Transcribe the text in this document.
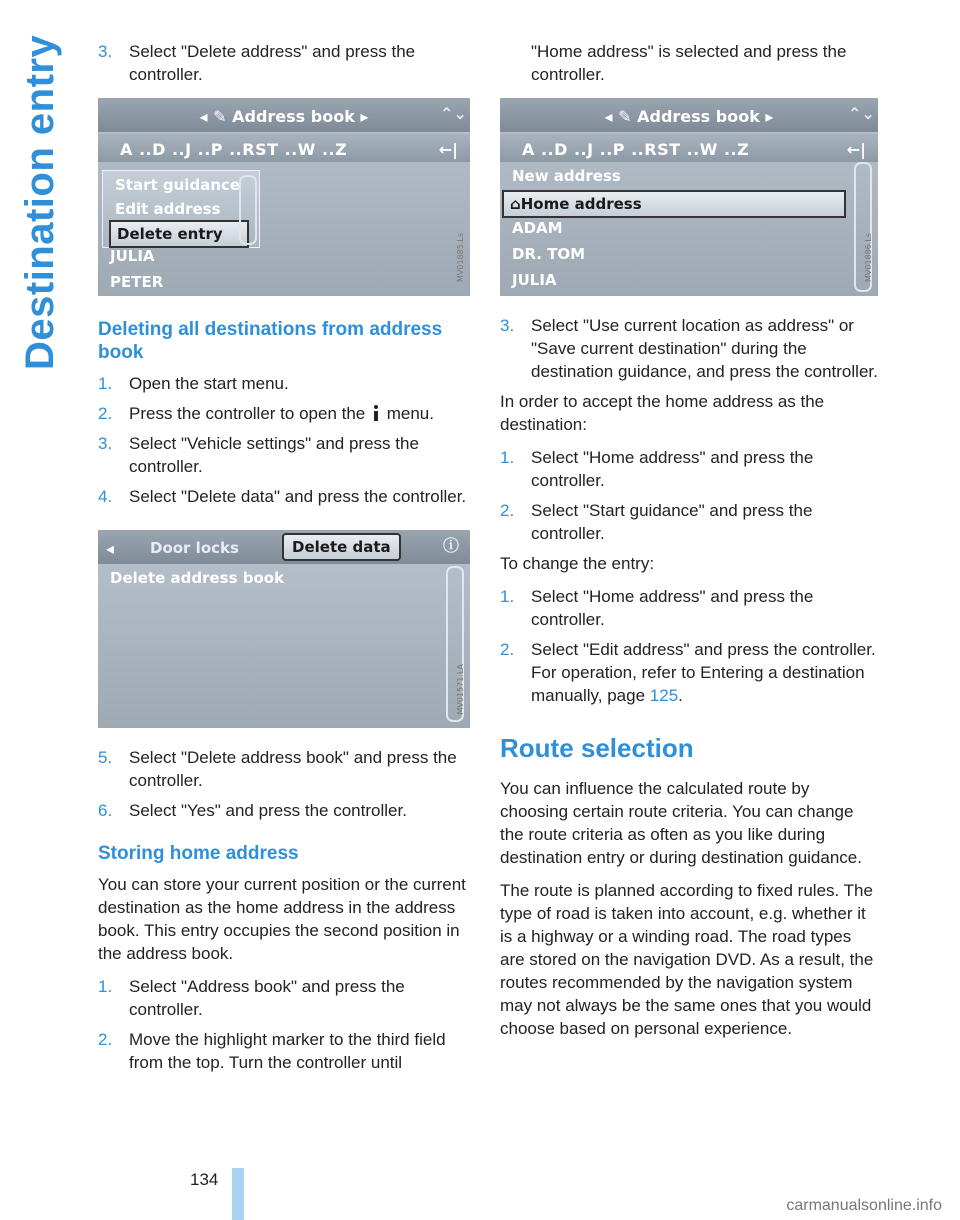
Destination entry 3. Select "Delete address" and press the controller.
◂ ✎ Address book ▸	⌃⌄
A ..D ..J ..P ..RST ..W ..Z	←|
Start guidance
Edit address
Delete entry
JULIA
PETER	MV01885.Ls
Deleting all destinations from address book
1. Open the start menu.
2. Press the controller to open the menu.
3. Select "Vehicle settings" and press the controller.
4. Select "Delete data" and press the controller.
◂ Door locks	Delete data	ⓘ
Delete address book
MV01571.LA
5. Select "Delete address book" and press the controller.
6. Select "Yes" and press the controller.
Storing home address

You can store your current position or the current destination as the home address in the address book. This entry occupies the second position in the address book.

1. Select "Address book" and press the controller.
2. Move the highlight marker to the third field from the top. Turn the controller until

"Home address" is selected and press the controller.

◂ ✎ Address book ▸	⌃⌄
A ..D ..J ..P ..RST ..W ..Z	←|
New address
⌂Home address
ADAM
DR. TOM
JULIA	MV01886.Ls
3. Select "Use current location as address" or "Save current destination" during the destination guidance, and press the controller.

In order to accept the home address as the destination:

1. Select "Home address" and press the controller.
2. Select "Start guidance" and press the controller.

To change the entry:

1. Select "Home address" and press the controller.
2. Select "Edit address" and press the controller. For operation, refer to Entering a destination manually, page 125.
Route selection

You can influence the calculated route by choosing certain route criteria. You can change the route criteria as often as you like during destination entry or during destination guidance.

The route is planned according to fixed rules. The type of road is taken into account, e.g. whether it is a highway or a winding road. The road types are stored on the navigation DVD. As a result, the routes recommended by the navigation system may not always be the same ones that you would choose based on personal experience.

134
carmanualsonline.info
